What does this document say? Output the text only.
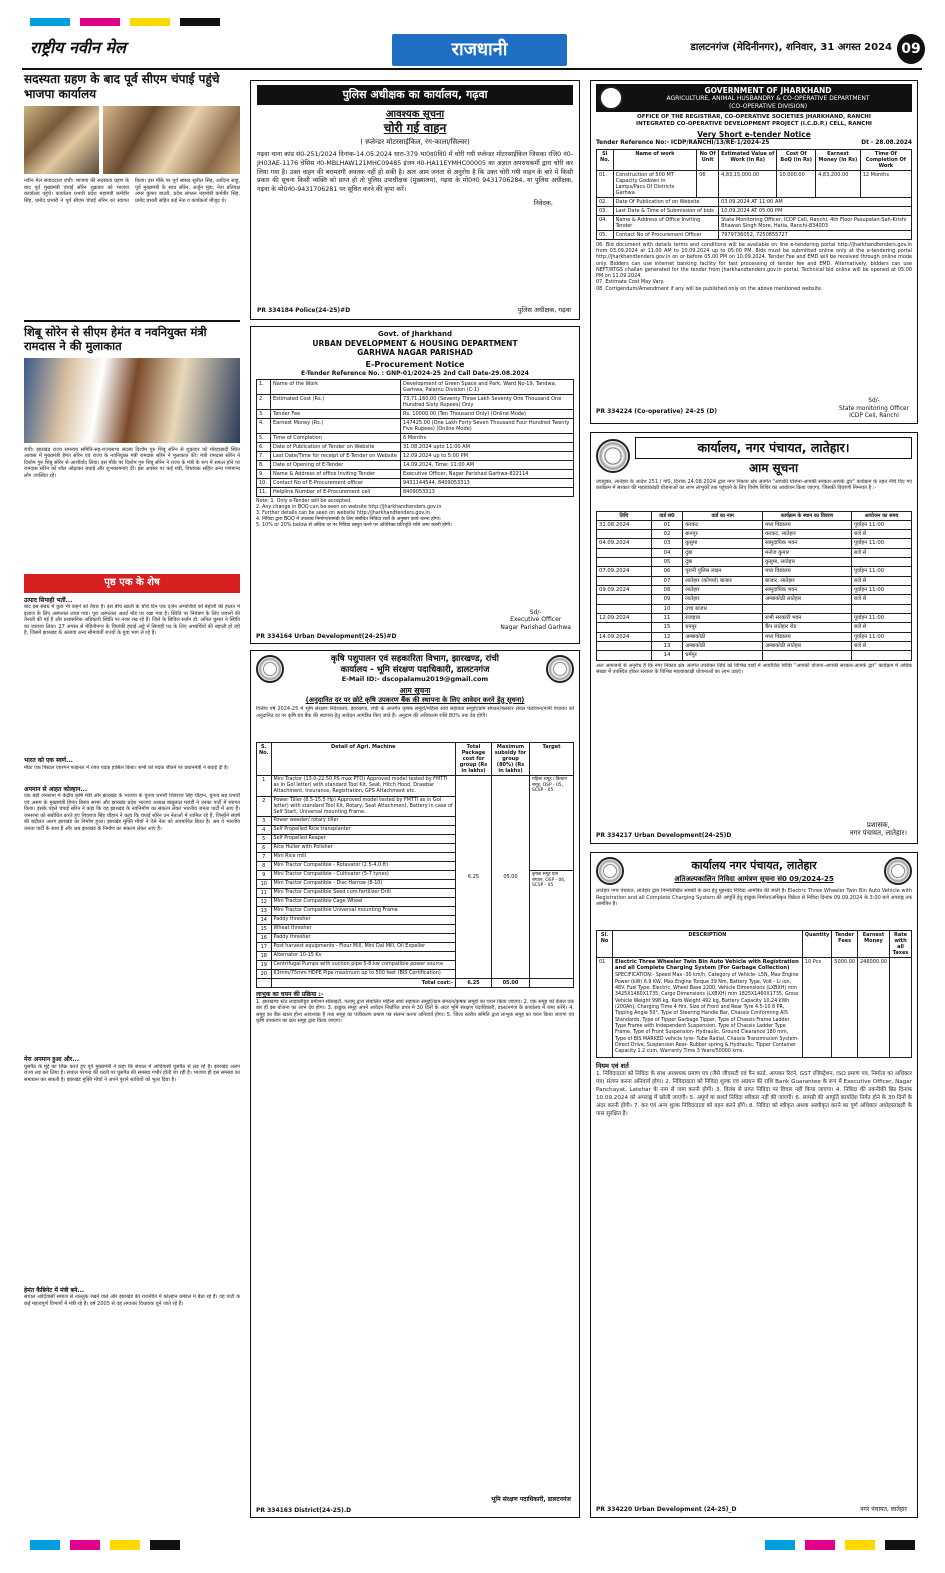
राष्ट्रीय नवीन मेल	राजधानी	डालटनगंज (मेदिनीनगर), शनिवार, 31 अगस्त 2024 09
सदस्यता ग्रहण के बाद पूर्व सीएम चंपाई पहुंचे भाजपा कार्यालय
नवीन मेल संवाददाता रांची। भाजपा की सदस्यता ग्रहण के बाद पूर्व मुख्यमंत्री चंपाई सोरेन शुक्रवार को भाजपा कार्यालय पहुंचे। कार्यालय प्रभारी प्रदेश महामंत्री कर्मवीर सिंह, प्रमोद प्रभारी ने पूर्व सीएम चंपाई सोरेन का स्वागत किया। इस मौके पर पूर्व सांसद सुनील सिंह, आदित्य साहू, पूर्व मुख्यमंत्री के साथ सोरेन, अर्जुन मुंडा, नेता प्रतिपक्ष अमर कुमार बाउरी, प्रदेश संगठन महामंत्री कर्मवीर सिंह, प्रमोद प्रभारी सहित कई नेता व कार्यकर्ता मौजूद थे।
शिबू सोरेन से सीएम हेमंत व नवनियुक्त मंत्री रामदास ने की मुलाकात
रांची। झारखंड राज्य समन्वय समिति-सह-राज्यसभा सदस्य दिशोम गुरु शिबू सोरेन से शुक्रवार को मोरहाबादी स्थित आवास में मुख्यमंत्री हेमंत सोरेन एवं राज्य के नवनियुक्त मंत्री रामदास सोरेन ने मुलाकात की। मंत्री रामदास सोरेन ने दिशोम गुरु शिबू सोरेन से आशीर्वाद लिया। इस मौके पर दिशोम गुरु शिबू सोरेन ने राज्य के मंत्री के रूप में सफल होने पर रामदास सोरेन को शॉल ओढ़ाकर बधाई और शुभकामनाएं दीं। इस अवसर पर कई मंत्री, विधायक सहित अन्य गणमान्य लोग उपस्थित रहे।
पृष्ठ एक के शेष
उत्पाद सिपाही भर्ती...
बाद इस संबंध में कुछ भी कहने को तैयार हैं। इस बीच खाली के चौथे दिन एक दर्जन अभ्यर्थियों को बेहोशी की हालत में इलाज के लिए अस्पताल लाया गया। पूरा अस्पताल अलर्ट मोड पर रखा गया है। स्थिति पर नियंत्रण के लिए जवानों की तैनाती की गई है और प्रशासनिक अधिकारी स्थिति पर नजर रख रहे हैं। जिले के सिविल सर्जन डॉ. अनिल कुमार ने स्थिति का जायजा लिया। 27 अगस्त से मेडिनीनगर के चियांकी हवाई अड्डे में सिपाही पद के लिए अभ्यर्थियों की बहाली हो रही है, जिसमें झारखंड के अलावा अन्य सीमावर्ती राज्यों के युवा भाग ले रहे हैं।
भारत को एक स्वर्ण...
मीठा एक पिस्टल एयरगन फाइनल में रजत पदक हासिल किया। सभी को पदक जीतने पर प्रधानमंत्री ने बधाई दी है।
अपमान से आहत कोल्हान...
एक बड़ी जनसभा में केंद्रीय कृषि मंत्री और झारखंड के भाजपा के चुनाव प्रभारी शिवराज सिंह चौहान, चुनाव सह प्रभारी एवं असम के मुख्यमंत्री हिमंत बिस्वा सरमा और झारखंड प्रदेश भाजपा अध्यक्ष बाबूलाल मरांडी ने उनका पार्टी में स्वागत किया। इसके पहले चंपाई सोरेन ने कहा कि वह झारखंड के नवनिर्माण का संकल्प लेकर भारतीय जनता पार्टी में आए हैं। जनसभा को संबोधित करते हुए शिवराज सिंह चौहान ने कहा कि चंपाई सोरेन उन नेताओं में शामिल रहे हैं, जिन्होंने संघर्ष की बदौलत अलग झारखंड का निर्माण हुआ। झारखंड मुक्ति मोर्चा ने ऐसे नेता को अपमानित किया है। अब वे भारतीय जनता पार्टी के साथ हैं और अब झारखंड के निर्माण का संकल्प लेकर आए हैं।
मेरा अपमान हुआ और...
घुसपैठ के मुद्दे का जिक्र करते हुए पूर्व मुख्यमंत्री ने कहा कि संथाल में आदिवासी घुसपैठ से लड़ रहे हैं। झारखंड अलग राज्य लड़ कर लिया है। संथाल परगना की धरती पर घुसपैठ की समस्या गंभीर होती जा रही है। भाजपा ही इस समस्या का समाधान कर सकती है। झारखंड मुक्ति मोर्चा ने अपने पुराने साथियों को भुला दिया है।
हेमंत कैबिनेट में मंत्री बने...
संथाल आदिवासी समाज से ताल्लुक रखने वाले और झारखंड की राजनीति में कोल्हान प्रमंडल में बैठा रहे हैं। वह पार्टी के कई महत्वपूर्ण विभागों में मंत्री रहे हैं। वर्ष 2005 से वह लगातार विधायक चुने जाते रहे हैं।
पुलिस अधीक्षक का कार्यालय, गढ़वा
आवश्यक सूचना
चोरी गई वाहन
( स्प्लेन्डर मोटरसाईकिल, रंग-काला/सिल्वर)
गढ़वा थाना कांड सं0-251/2024 दिनांक-14.05.2024 धारा-379 भा0द0वि0 में चोरी गयी स्प्लेन्डर मोटरसाईकिल जिसका रजि0 नं0- JH03AE-1176 चेसिस नं0-MBLHAW121MHC09485 इंजन नं0-HA11EYMHC00005 का अज्ञात अपराधकर्मी द्वारा चोरी कर लिया गया है। उक्त वाहन की बरामदगी अवतक नहीं हो सकी है। अतः आम जनता से अनुरोध है कि उक्त चोरी गयी वाहन के बारे में किसी प्रकार की सूचना किसी व्यक्ति को प्राप्त हो तो पुलिस उपाधीक्षक (मुख्यालय), गढ़वा के मो0नं0 9431706284, या पुलिस अधीक्षक, गढ़वा के मो0नं0-9431706281 पर सूचित करने की कृपा करें।
निवेदक,
PR 334184 Police(24-25)#D	पुलिस अधीक्षक, गढ़वा
Govt. of Jharkhand
URBAN DEVELOPMENT & HOUSING DEPARTMENT
GARHWA NAGAR PARISHAD
E-Procurement Notice
E-Tender Reference No. : GNP-01/2024-25 2nd Call Date-29.08.2024
1.	Name of the Work	Development of Green Space and Park, Ward No-19, Tandwa, Garhwa, Palamu Division (C-1)
2.	Estimated Cost (Rs.)	73,71,160.00 (Seventy Three Lakh Seventy One Thousand One Hundred Sixty Rupees) Only
3.	Tender Fee	Rs. 10000.00 (Ten Thousand Only) (Online Mode)
4.	Earnest Money (Rs.)	147425.00 (One Lakh Forty Seven Thousand Four Hundred Twenty Five Rupees) (Online Mode)
5.	Time of Completion	6 Months
6.	Date of Publication of Tender on Website	31.08.2024 upto 11:00 AM
7.	Last Date/Time for receipt of E-Tender on Website	12.09.2024 up to 5:00 PM
8.	Date of Opening of E-Tender	14.09.2024, Time: 11:00 AM
9.	Name & Address of office Inviting Tender	Executive Officer, Nagar Parishad Garhwa-822114
10.	Contact No of E-Procurement officer	9431144544, 8409053313
11.	Helpline Number of E-Procurement cell	8409053313
Note: 1. Only e-Tender will be accepted.
2. Any change in BOQ can be seen on website http://jharkhandtenders.gov.in
3. Further details can be seen on website http://jharkhandtenders.gov.in
4. निविदा द्वारा BOQ में उपलब्ध निर्माण/सामग्री के लिए संबंधित निविदा शर्तों के अनुसार कार्य करना होगा।
5. 10% or 20% below से अधिक दर पर निविदा प्रस्तुत करने पर अतिरिक्त प्रतिभूति राशि जमा करनी होगी।
Sd/-
Executive Officer
Nagar Parishad Garhwa
PR 334164 Urban Development(24-25)#D
कृषि पशुपालन एवं सहकारिता विभाग, झारखण्ड, रांची
कार्यालय - भूमि संरक्षण पदाधिकारी, डालटनगंज
E-Mail ID:- dscopalamu2019@gmail.com
आम सूचना
(अनुदानित दर पर छोटे कृषि उपकरण बैंक की स्थापना के लिए आवेदन करने हेतु सूचना)
वित्तीय वर्ष 2024-25 में भूमि संरक्षण निदेशालय, झारखण्ड, रांची के अन्तर्गत कृषक समूहों/महिला स्वयं सहायता समूहों/ग्राम संगठन/क्लस्टर लेवल फेडरेशन/पानी पंचायत को अनुदानित दर पर कृषि यंत्र बैंक की स्थापना हेतु आवेदन आमंत्रित किए जाते हैं। अनुदान की अधिकतम राशि 80% तक देय होगी।
S. No.	Detail of Agri. Machine	Total Package cost for group (Rs in lakhs)	Maximum subsidy for group (80%) (Rs in lakhs)	Target
1	Mini Tractor (13.0-22.50 PS max PTO) Approved model tested by FMTTI as in GoI letter) with standard Tool Kit, Seat, Hitch Hood, Drawbar Attachment, Insurance, Registration, GPS Attachment etc.	6.25	05.00	महिला समूह / किसान समूह, OSP - 05, SCSP - 05
2	Power Tiller (8.5-15.5 Hp) Approved model tested by FMTTI as in GoI letter) with standard Tool Kit, Rotary, Seat Attachment, Battery in case of Self Start, Universal mounting Frame.			
3	Power weeder/ rotary tiller			
4	Self Propelled Rice transplanter			
5	Self Propelled Reaper			
6	Rice Huller with Polisher			
7	Mini Rice mill			
8	Mini Tractor Compatible - Rotavator (2.5-4.0 ft)			
9	Mini Tractor Compatible - Cultivator (5-7 tynes)			कृषक समूह ग्राम संगठन, OSP - 06, SCSP - 05
10	Mini Tractor Compatible - Disc Harrow (8-10)			
11	Mini Tractor Compatible Seed cum fertilizer Drill			
12	Mini Tractor Compatible Cage Wheel			
13	Mini Tractor Compatible Universal mounting Frame			
14	Paddy thresher			
15	Wheat thresher			
16	Paddy thresher			
17	Post harvest equipments - Flour Mill, Mini Dal Mill, Oil Expeller			
18	Alternator 10-15 Kv			
19	Centrifugal Pumps with suction pipe 5-8 kw compatible power source			
20	63mm/75mm HDPE Pipe maximum up to 500 feet (BIS Certification)			
	Total cost:-	6.25	05.00	
लाभुक का चयन की प्रक्रिया :-
1. झारखण्ड स्टेट लाइवलीहुड प्रमोशन सोसाइटी, पलामू द्वारा संचालित महिला स्वयं सहायता समूहों/ग्राम संगठन/कृषक समूहों का चयन किया जाएगा। 2. एक समूह को केवल एक बार ही इस योजना का लाभ देय होगा। 3. इच्छुक समूह अपने आवेदन निर्धारित प्रपत्र में 30 दिनों के अंदर भूमि संरक्षण पदाधिकारी, डालटनगंज के कार्यालय में जमा करेंगे। 4. समूह का बैंक खाता होना आवश्यक है तथा समूह का पंजीकरण प्रमाण पत्र संलग्न करना अनिवार्य होगा। 5. जिला स्तरीय समिति द्वारा लाभुक समूह का चयन किया जाएगा एवं कृषि उपकरण का क्रय समूह द्वारा किया जाएगा।
भूमि संरक्षण पदाधिकारी, डालटनगंज
PR 334163 District(24-25).D
GOVERNMENT OF JHARKHAND
AGRICULTURE, ANIMAL HUSBANDRY & CO-OPERATIVE DEPARTMENT
(CO-OPERATIVE DIVISION)
OFFICE OF THE REGISTRAR, CO-OPERATIVE SOCIETIES JHARKHAND, RANCHI
INTEGRATED CO-OPERATIVE DEVELOPMENT PROJECT (I.C.D.P.) CELL, RANCHI
Very Short e-tender Notice
Tender Reference No:- ICDP/RANCHI/13/RE-1/2024-25	Dt - 28.08.2024
Sl No.	Name of work	No Of Unit	Estimated Value of Work (in Rs)	Cost Of BoQ (in Rs)	Earnest Money (in Rs)	Time Of Completion Of Work
01.	Construction of 500 MT Capacity Godown in Lamps/Pacs Of Districts Garhwa	06	4,83,15,000.00	10,000.00	4,83,200.00	12 Months
02.	Date Of Publication of on Website		03.09.2024 AT 11:00 AM			
03.	Last Date & Time of Submission of bids		10.09.2024 AT 05:00 PM			
04.	Name & Address of Office Inviting Tender		State Monitoring Officer, ICDP Cell, Ranchi, 4th Floor Pasupalan-Sah-Krishi Bhawan Singh More, Hatia, Ranchi-834003			
05.	Contact No of Procurement Officer		7979736052, 7250855727			
06. Bid document with details terms and conditions will be available on line e-tendering portal http://jharkhandtenders.gov.in from 03.09.2024 at 11.00 AM to 10.09.2024 up to 05:00 PM. Bids must be submitted online only at the e-tendering portal http://jharkhandtenders.gov.in on or before 05.00 PM on 10.09.2024. Tender Fee and EMD will be received through online mode only. Bidders can use internet banking facility for fast processing of tender fee and EMD. Alternatively, bidders can use NEFT/RTGS challan generated for the tender from jharkhandtenders.gov.in portal. Technical bid online will be opened at 05:00 PM on 11.09.2024.
07. Estimate Cost May Vary.
08. Corrigendum/Amendment if any will be published only on the above mentioned website.
Sd/-
State monitoring Officer
ICDP Cell, Ranchi
PR 334224 (Co-operative) 24-25 (D)
कार्यालय, नगर पंचायत, लातेहार।
आम सूचना
उपायुक्त, लातेहार के आदेश 251 / गो0, दिनांक 24.08.2024 द्वारा नगर निकाय क्षेत्र अंतर्गत "आपकी योजना-आपकी सरकार-आपके द्वार" कार्यक्रम के तहत नीचे दिए गए कार्यक्रम में सरकार की महत्वाकांक्षी योजनाओं का लाभ लाभुकों तक पहुंचाने के लिए विशेष शिविर का आयोजन किया जाएगा, जिसकी विवरणी निम्नवत है :-
तिथि	वार्ड सं0	वार्ड का नाम	कार्यक्रम के स्थान का विवरण	आयोजन का समय
31.08.2024	01	करकट	मध्य विद्यालय	पूर्वाहन 11:00
	02	बानपुर	करकट, लातेहार	बजे से
04.09.2024	03	कुसुमा	सामुदायिक भवन	पूर्वाहन 11:00
	04	दुंबा	मनोज कुमार	बजे से
	05	दुंबा	कुसुमा, लातेहार	
07.09.2024	06	पुरानी पुलिस लाइन	मध्य विद्यालय	पूर्वाहन 11:00
	07	लातेहार (कोपर्या) बाजार	बाजार, लातेहार	बजे से
09.09.2024	08	लातेहार	सामुदायिक भवन	पूर्वाहन 11:00
	09	लातेहार	अम्बाकोठी लातेहार	बजे से
	10	उच्च बाजार		
12.09.2024	11	राजहारा	सभी सरकारी भवन	पूर्वाहन 11:00
	15	धनपुर	कैंप लातेहार रोड	बजे से
14.09.2024	12	अम्बाकोठी	मध्य विद्यालय	पूर्वाहन 11:00
	13	अम्बाकोठी	अम्बाकोठी लातेहार	बजे से
	14	धर्मपुर		
अतः आमजनों से अनुरोध है कि नगर निकाय क्षेत्र अंतर्गत उपरोक्त तिथि को विभिन्न वार्डों में आयोजित शिविर "आपकी योजना-आपकी सरकार-आपके द्वार" कार्यक्रम में अधिक संख्या में उपस्थित होकर सरकार के विभिन्न महत्वाकांक्षी योजनाओं का लाभ उठाएं।
प्रशासक,
नगर पंचायत, लातेहार।
PR 334217 Urban Development(24-25)D
कार्यालय नगर पंचायत, लातेहार
अतिअल्पकालिन निविदा आमंत्रण सूचना सं0 09/2024-25
लातेहार नगर पंचायत, लातेहार द्वारा निम्नलिखित सामग्री के क्रय हेतु मुहरबंद निविदा आमंत्रित की जाती है। Electric Three Wheeler Twin Bin Auto Vehicle with Registration and all Complete Charging System की आपूर्ति हेतु इच्छुक निर्माता/अधिकृत विक्रेता से निविदा दिनांक 09.09.2024 के 3:00 बजे अपराह्न तक आमंत्रित है।
Sl. No	DESCRIPTION	Quantity	Tender Fees	Earnest Money	Rate with all Taxes
01	Electric Three Wheeler Twin Bin Auto Vehicle with Registration and all Complete Charging System (For Garbage Collection)
SPECIFICATION:- Speed Max -30 km/h, Category of Vehicle- L5N, Max Engine Power (kW) 6.9 KW, Max Engine Torque 39 Nm, Battery Type, Volt - Li ion, 48V. Fuel Type: Electric, Wheel Base 2200, Vehicle Dimensions (LXBXH) mm 3425X1460X1735, Cargo Dimensions (LXBXH) mm 1825X1460X1735, Gross Vehicle Weight 998 kg, Kerb Weight 492 kg, Battery Capacity 10.24 kWh (200Ah), Charging Time 4 Hrs, Size of Front and Rear Tyre 4.5-10 8 PR, Tipping Angle 50°, Type of Steering Handle Bar, Chassis Conforming AIS Standards, Type of Tipper Garbage Tipper, Type of Chassis Frame Ladder Type Frame with Independent Suspension, Type of Chassis Ladder Type Frame, Type of Front Suspension- Hydraulic, Ground Clearance 180 mm, Type of BIS MARKED vehicle tyre- Tube Radial, Chassis Transmission System- Direct Drive, Suspension Rear- Rubber spring & Hydraulic, Tipper Container Capacity 1.2 cum, Warranty Time 3 Years/50000 kms.	10 Pcs	5000.00	246000.00	
नियम एवं शर्त
1. निविदादाता को निविदा के साथ आवश्यक प्रमाण पत्र (जैसे जीएसटी एवं पैन कार्ड, आयकर रिटर्न, GST रजिस्ट्रेशन, ISO प्रमाण पत्र, निर्माता का अधिकार पत्र) संलग्न करना अनिवार्य होगा। 2. निविदादाता को निविदा शुल्क एवं अग्रधन की राशि Bank Guarantee के रूप में Executive Officer, Nagar Panchayat, Latehar के नाम से जमा करनी होगी। 3. विलंब से प्राप्त निविदा पर विचार नहीं किया जाएगा। 4. निविदा की तकनीकी बिड दिनांक 10.09.2024 को अपराह्न में खोली जाएगी। 5. अपूर्ण या सशर्त निविदा स्वीकार नहीं की जाएगी। 6. सामग्री की आपूर्ति कार्यादेश निर्गत होने के 30 दिनों के अंदर करनी होगी। 7. कर एवं अन्य शुल्क निविदादाता को वहन करने होंगे। 8. निविदा को स्वीकृत अथवा अस्वीकृत करने का पूर्ण अधिकार अधोहस्ताक्षरी के पास सुरक्षित है।
नगर पंचायत, लातेहार
PR 334220 Urban Development (24-25)_D
